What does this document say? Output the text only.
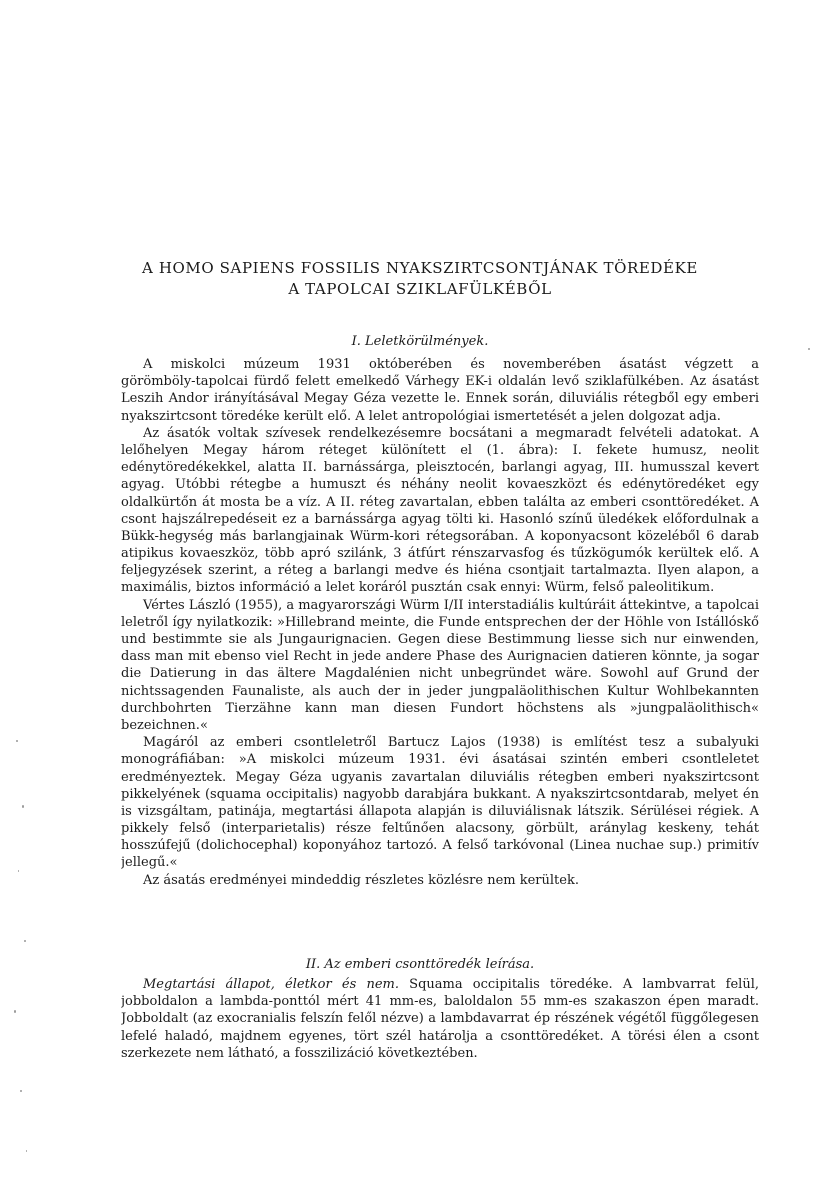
A HOMO SAPIENS FOSSILIS NYAKSZIRTCSONTJÁNAK TÖREDÉKE
A TAPOLCAI SZIKLAFÜLKÉBŐL
I. Leletkörülmények.

A miskolci múzeum 1931 októberében és novemberében ásatást végzett a
görömböly-tapolcai fürdő felett emelkedő Várhegy EK-i oldalán levő sziklafülkében. Az ásatást
Leszih Andor irányításával Megay Géza vezette le. Ennek során, diluviális rétegből egy emberi
nyakszirtcsont töredéke került elő. A lelet antropológiai ismertetését a jelen dolgozat adja.

Az ásatók voltak szívesek rendelkezésemre bocsátani a megmaradt felvételi adatokat. A
lelőhelyen Megay három réteget különített el (1. ábra): I. fekete humusz, neolit
edénytöredékekkel, alatta II. barnássárga, pleisztocén, barlangi agyag, III. humusszal kevert
agyag. Utóbbi rétegbe a humuszt és néhány neolit kovaeszközt és edénytöredéket egy
oldalkürtőn át mosta be a víz. A II. réteg zavartalan, ebben találta az emberi csonttöredéket. A
csont hajszálrepedéseit ez a barnássárga agyag tölti ki. Hasonló színű üledékek előfordulnak a
Bükk-hegység más barlangjainak Würm-kori rétegsorában. A koponyacsont közeléből 6 darab
atipikus kovaeszköz, több apró szilánk, 3 átfúrt rénszarvasfog és tűzkögumók kerültek elő. A
feljegyzések szerint, a réteg a barlangi medve és hiéna csontjait tartalmazta. Ilyen alapon, a
maximális, biztos információ a lelet koráról pusztán csak ennyi: Würm, felső paleolitikum.

Vértes László (1955), a magyarországi Würm I/II interstadiális kultúráit áttekintve, a tapolcai
leletről így nyilatkozik: »Hillebrand meinte, die Funde entsprechen der der Höhle von Istállóskő
und bestimmte sie als Jungaurignacien. Gegen diese Bestimmung liesse sich nur einwenden,
dass man mit ebenso viel Recht in jede andere Phase des Aurignacien datieren könnte, ja sogar
die Datierung in das ältere Magdalénien nicht unbegründet wäre. Sowohl auf Grund der
nichtssagenden Faunaliste, als auch der in jeder jungpaläolithischen Kultur Wohlbekannten
durchbohrten Tierzähne kann man diesen Fundort höchstens als »jungpaläolithisch«
bezeichnen.«

Magáról az emberi csontleletről Bartucz Lajos (1938) is említést tesz a subalyuki
monográfiában: »A miskolci múzeum 1931. évi ásatásai szintén emberi csontleletet
eredményeztek. Megay Géza ugyanis zavartalan diluviális rétegben emberi nyakszirtcsont
pikkelyének (squama occipitalis) nagyobb darabjára bukkant. A nyakszirtcsontdarab, melyet én
is vizsgáltam, patinája, megtartási állapota alapján is diluviálisnak látszik. Sérülései régiek. A
pikkely felső (interparietalis) része feltűnően alacsony, görbült, aránylag keskeny, tehát
hosszúfejű (dolichocephal) koponyához tartozó. A felső tarkóvonal (Linea nuchae sup.) primitív
jellegű.«

Az ásatás eredményei mindeddig részletes közlésre nem kerültek.

II. Az emberi csonttöredék leírása.

Megtartási állapot, életkor és nem. Squama occipitalis töredéke. A lambvarrat felül,
jobboldalon a lambda-ponttól mért 41 mm-es, baloldalon 55 mm-es szakaszon épen maradt.
Jobboldalt (az exocranialis felszín felől nézve) a lambdavarrat ép részének végétől függőlegesen
lefelé haladó, majdnem egyenes, tört szél határolja a csonttöredéket. A törési élen a csont
szerkezete nem látható, a fosszilizáció következtében.
